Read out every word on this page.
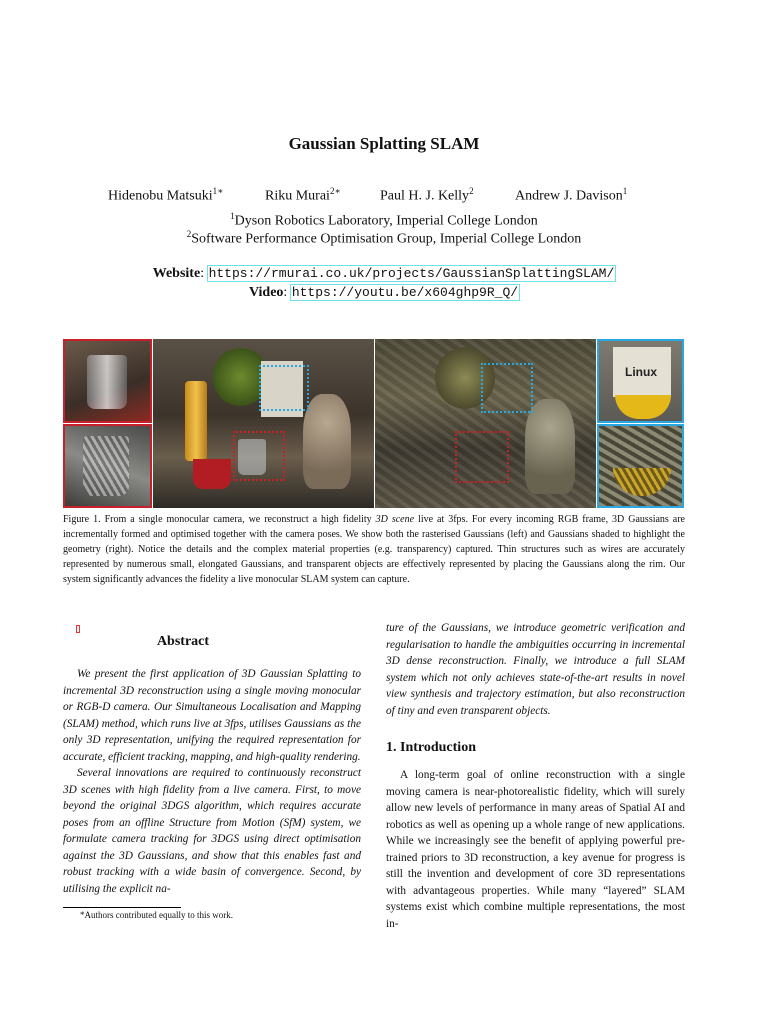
Gaussian Splatting SLAM
Hidenobu Matsuki$^{1∗}$	Riku Murai$^{2∗}$	Paul H. J. Kelly$^2$	Andrew J. Davison$^1$
$^1$Dyson Robotics Laboratory, Imperial College London
$^2$Software Performance Optimisation Group, Imperial College London
Website: https://rmurai.co.uk/projects/GaussianSplattingSLAM/
Video: https://youtu.be/x604ghp9R_Q/
Linux
Figure 1. From a single monocular camera, we reconstruct a high fidelity 3D scene live at 3fps. For every incoming RGB frame, 3D Gaussians are incrementally formed and optimised together with the camera poses. We show both the rasterised Gaussians (left) and Gaussians shaded to highlight the geometry (right). Notice the details and the complex material properties (e.g. transparency) captured. Thin structures such as wires are accurately represented by numerous small, elongated Gaussians, and transparent objects are effectively represented by placing the Gaussians along the rim. Our system significantly advances the fidelity a live monocular SLAM system can capture.
Abstract

We present the first application of 3D Gaussian Splatting to incremental 3D reconstruction using a single moving monocular or RGB-D camera. Our Simultaneous Localisation and Mapping (SLAM) method, which runs live at 3fps, utilises Gaussians as the only 3D representation, unifying the required representation for accurate, efficient tracking, mapping, and high-quality rendering.

Several innovations are required to continuously reconstruct 3D scenes with high fidelity from a live camera. First, to move beyond the original 3DGS algorithm, which requires accurate poses from an offline Structure from Motion (SfM) system, we formulate camera tracking for 3DGS using direct optimisation against the 3D Gaussians, and show that this enables fast and robust tracking with a wide basin of convergence. Second, by utilising the explicit na-

ture of the Gaussians, we introduce geometric verification and regularisation to handle the ambiguities occurring in incremental 3D dense reconstruction. Finally, we introduce a full SLAM system which not only achieves state-of-the-art results in novel view synthesis and trajectory estimation, but also reconstruction of tiny and even transparent objects.
1. Introduction

A long-term goal of online reconstruction with a single moving camera is near-photorealistic fidelity, which will surely allow new levels of performance in many areas of Spatial AI and robotics as well as opening up a whole range of new applications. While we increasingly see the benefit of applying powerful pre-trained priors to 3D reconstruction, a key avenue for progress is still the invention and development of core 3D representations with advantageous properties. While many “layered” SLAM systems exist which combine multiple representations, the most in-

*Authors contributed equally to this work.
